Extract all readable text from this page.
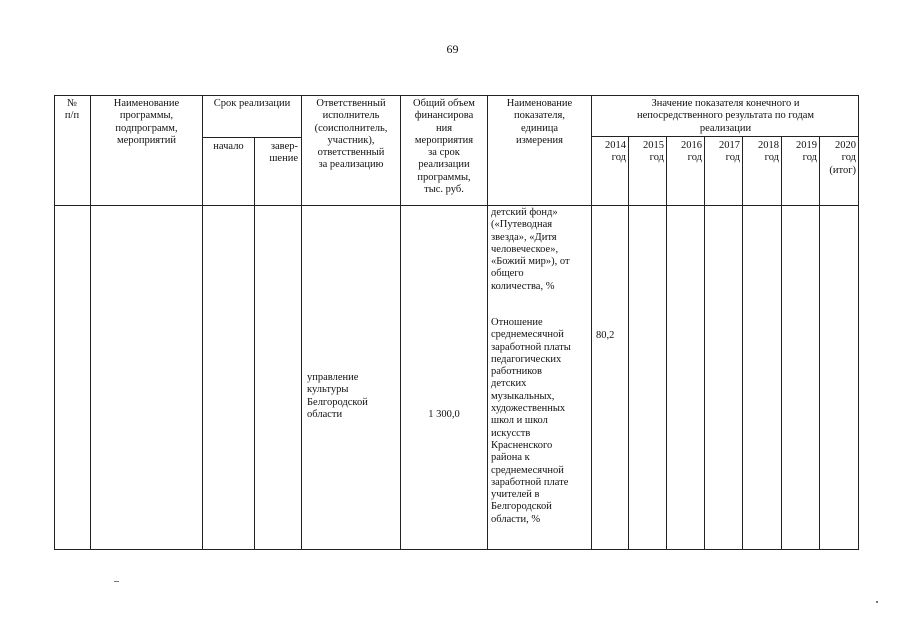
69
№
п/п
Наименование
программы,
подпрограмм,
мероприятий
Срок реализации
начало	завер-
шение
Ответственный
исполнитель
(соисполнитель,
участник),
ответственный
за реализацию
Общий объем
финансирова
ния
мероприятия
за срок
реализации
программы,
тыс. руб.
Наименование
показателя,
единица
измерения
Значение показателя конечного и
непосредственного результата по годам
реализации
2014
год
2015
год
2016
год
2017
год
2018
год
2019
год
2020
год
(итог)
управление
культуры
Белгородской
области	1 300,0
детский фонд»
(«Путеводная
звезда», «Дитя
человеческое»,
«Божий мир»), от
общего
количества, %
Отношение
среднемесячной
заработной платы
педагогических
работников
детских
музыкальных,
художественных
школ и школ
искусств
Красненского
района к
среднемесячной
заработной плате
учителей в
Белгородской
области, %
80,2
